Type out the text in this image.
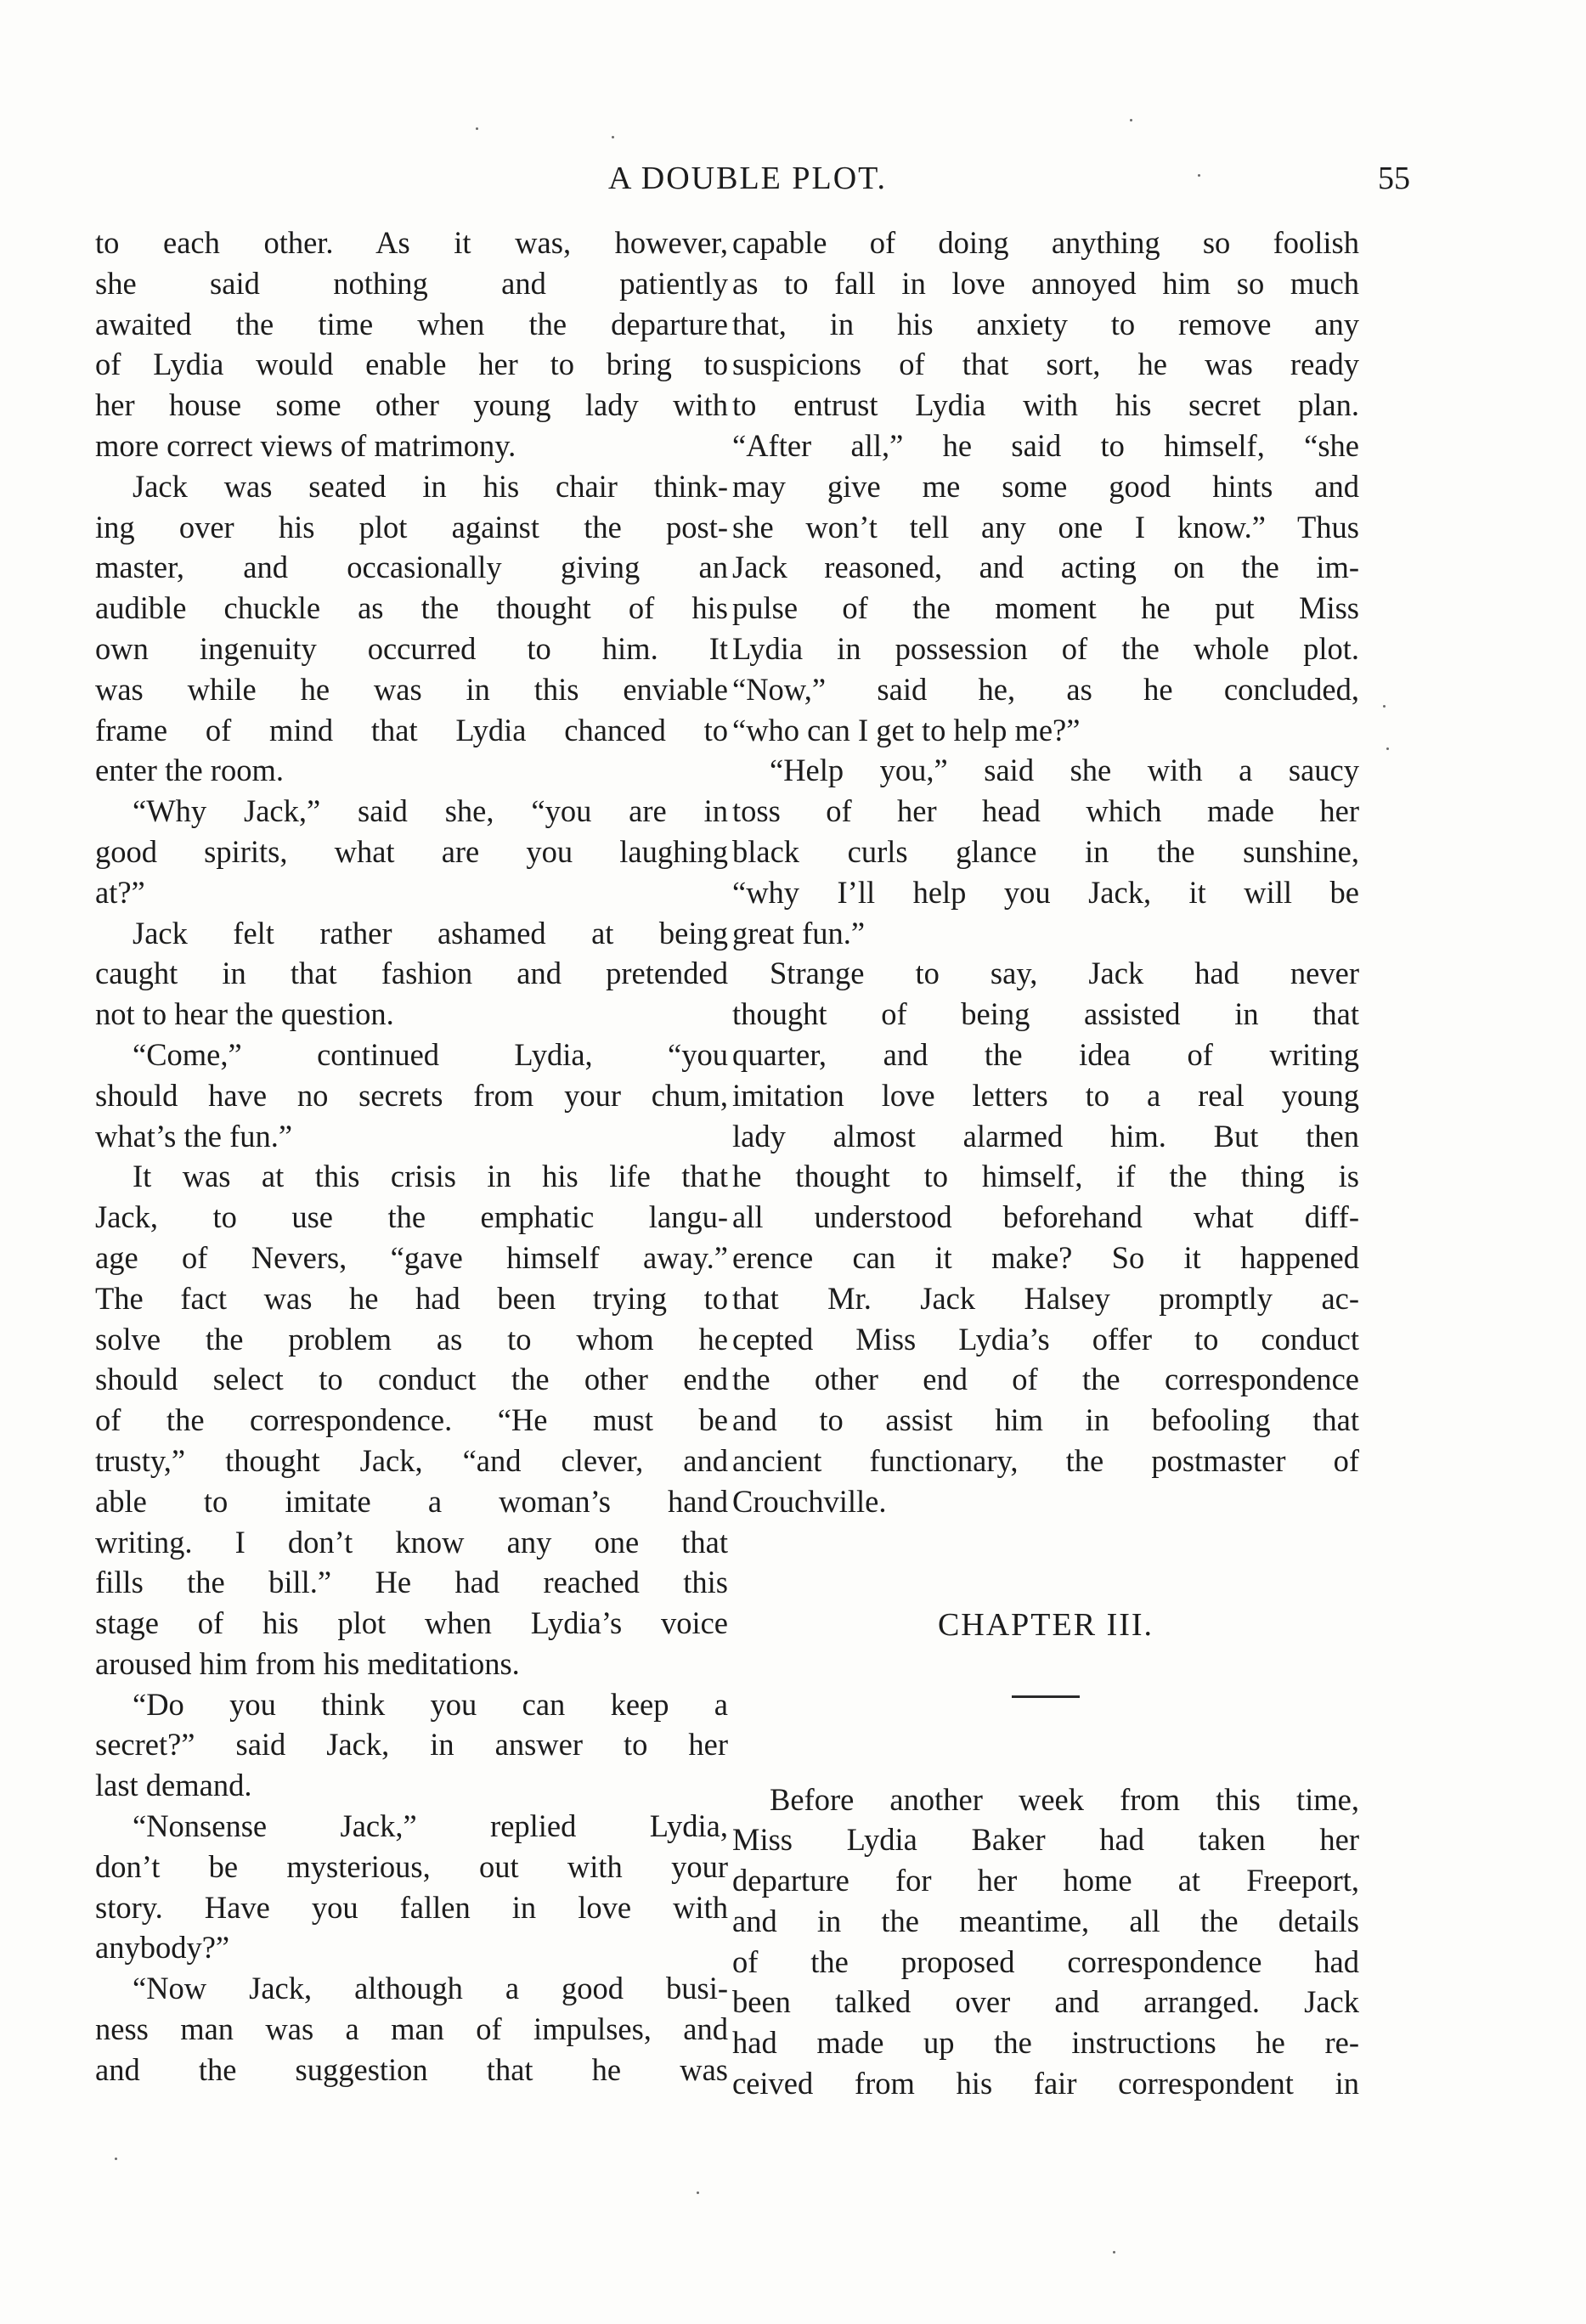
A DOUBLE PLOT.	55
to each other. As it was, however,
she said nothing and patiently
awaited the time when the departure
of Lydia would enable her to bring to
her house some other young lady with
more correct views of matrimony.
Jack was seated in his chair think-
ing over his plot against the post-
master, and occasionally giving an
audible chuckle as the thought of his
own ingenuity occurred to him. It
was while he was in this enviable
frame of mind that Lydia chanced to
enter the room.
“Why Jack,” said she, “you are in
good spirits, what are you laughing
at?”
Jack felt rather ashamed at being
caught in that fashion and pretended
not to hear the question.
“Come,” continued Lydia, “you
should have no secrets from your chum,
what’s the fun.”
It was at this crisis in his life that
Jack, to use the emphatic langu-
age of Nevers, “gave himself away.”
The fact was he had been trying to
solve the problem as to whom he
should select to conduct the other end
of the correspondence. “He must be
trusty,” thought Jack, “and clever, and
able to imitate a woman’s hand
writing. I don’t know any one that
fills the bill.” He had reached this
stage of his plot when Lydia’s voice
aroused him from his meditations.
“Do you think you can keep a
secret?” said Jack, in answer to her
last demand.
“Nonsense Jack,” replied Lydia,
don’t be mysterious, out with your
story. Have you fallen in love with
anybody?”
“Now Jack, although a good busi-
ness man was a man of impulses, and
and the suggestion that he was
capable of doing anything so foolish
as to fall in love annoyed him so much
that, in his anxiety to remove any
suspicions of that sort, he was ready
to entrust Lydia with his secret plan.
“After all,” he said to himself, “she
may give me some good hints and
she won’t tell any one I know.” Thus
Jack reasoned, and acting on the im-
pulse of the moment he put Miss
Lydia in possession of the whole plot.
“Now,” said he, as he concluded,
“who can I get to help me?”
“Help you,” said she with a saucy
toss of her head which made her
black curls glance in the sunshine,
“why I’ll help you Jack, it will be
great fun.”
Strange to say, Jack had never
thought of being assisted in that
quarter, and the idea of writing
imitation love letters to a real young
lady almost alarmed him. But then
he thought to himself, if the thing is
all understood beforehand what diff-
erence can it make? So it happened
that Mr. Jack Halsey promptly ac-
cepted Miss Lydia’s offer to conduct
the other end of the correspondence
and to assist him in befooling that
ancient functionary, the postmaster of
Crouchville.
CHAPTER III.
Before another week from this time,
Miss Lydia Baker had taken her
departure for her home at Freeport,
and in the meantime, all the details
of the proposed correspondence had
been talked over and arranged. Jack
had made up the instructions he re-
ceived from his fair correspondent in
